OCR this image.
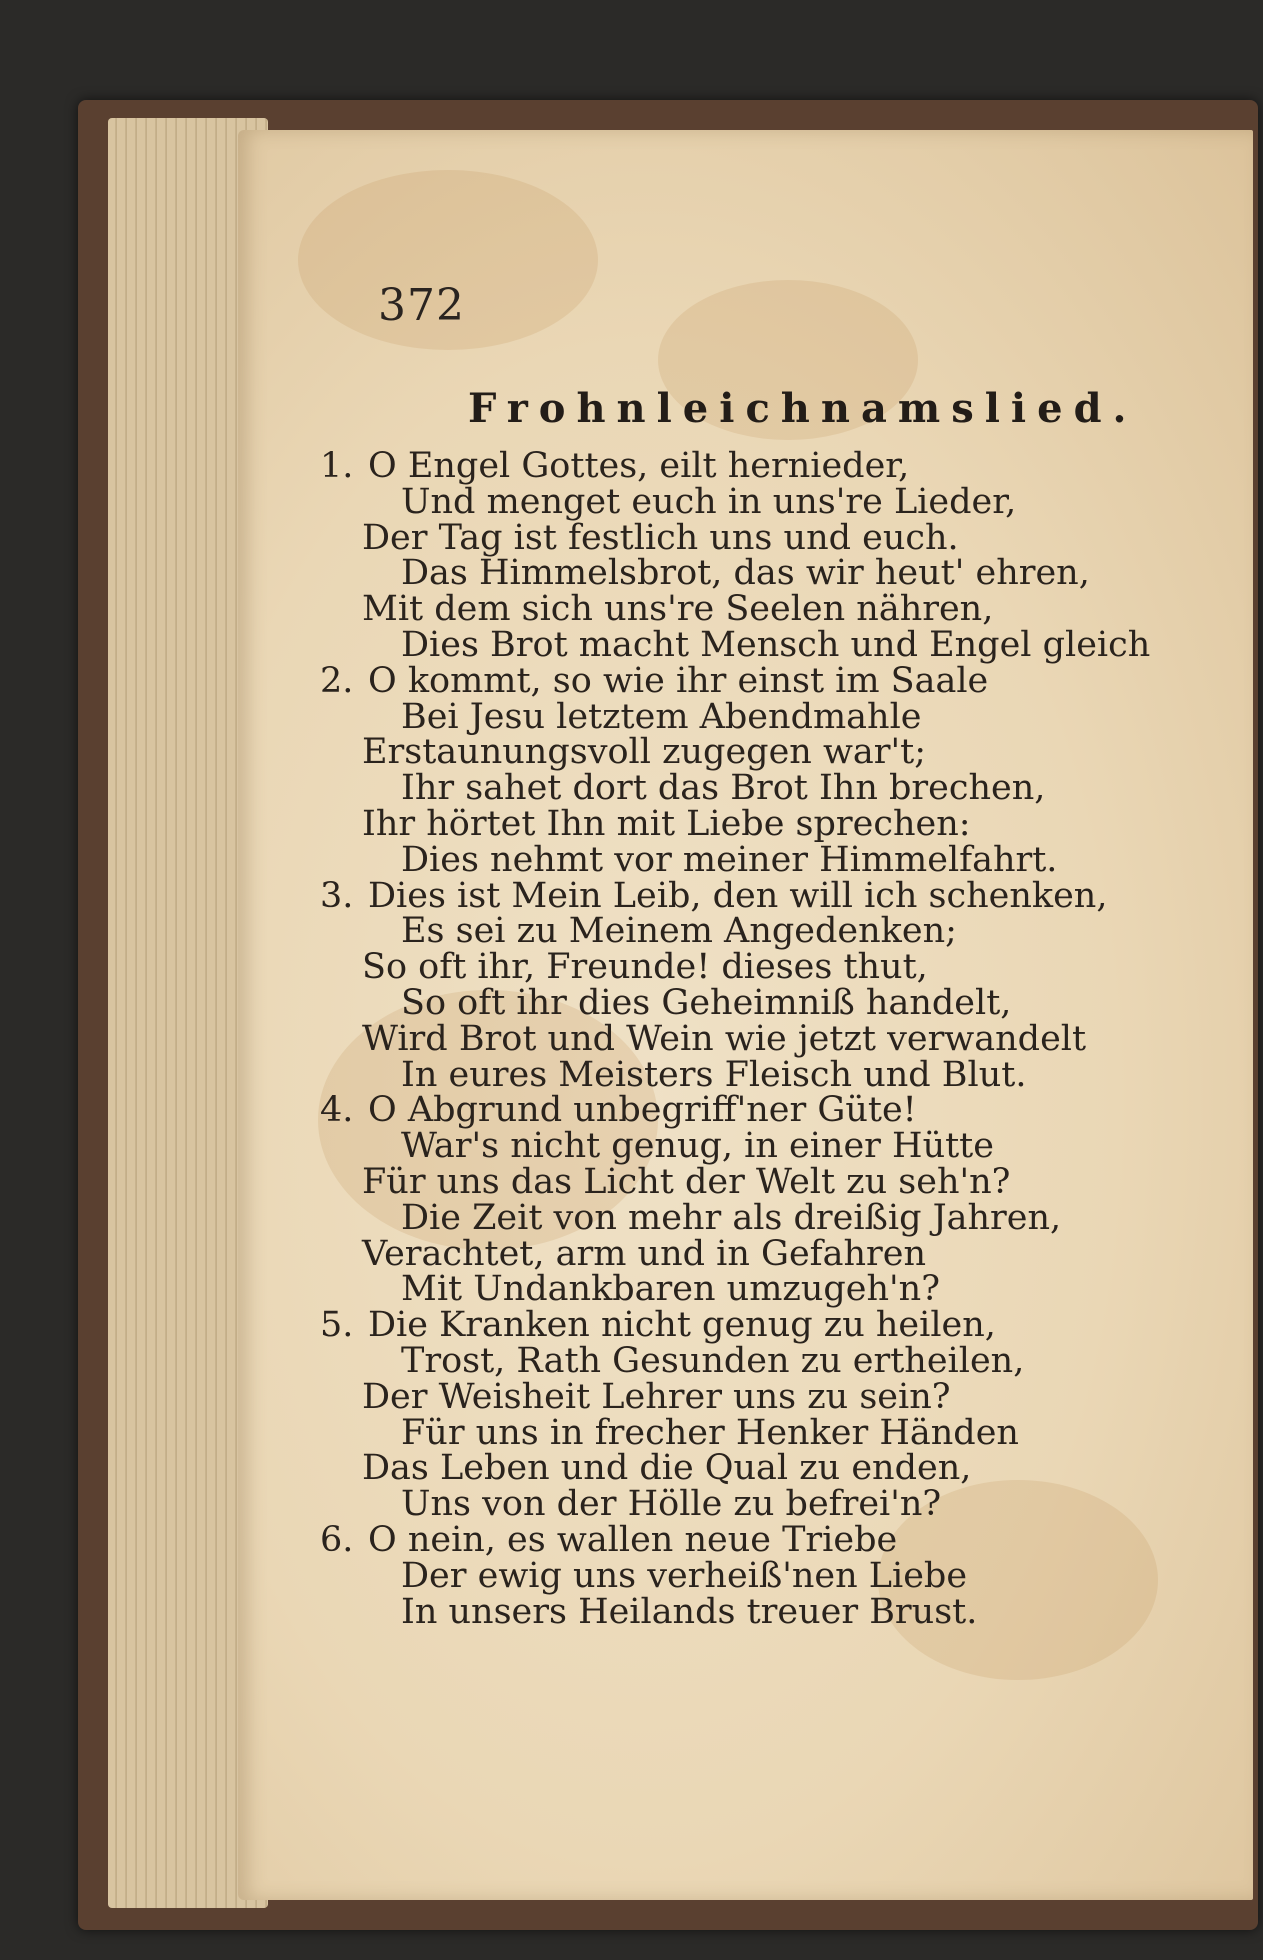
372
Frohnleichnamslied.
1. O Engel Gottes, eilt hernieder,
Und menget euch in uns're Lieder,
Der Tag ist festlich uns und euch.
Das Himmelsbrot, das wir heut' ehren,
Mit dem sich uns're Seelen nähren,
Dies Brot macht Mensch und Engel gleich
2. O kommt, so wie ihr einst im Saale
Bei Jesu letztem Abendmahle
Erstaunungsvoll zugegen war't;
Ihr sahet dort das Brot Ihn brechen,
Ihr hörtet Ihn mit Liebe sprechen:
Dies nehmt vor meiner Himmelfahrt.
3. Dies ist Mein Leib, den will ich schenken,
Es sei zu Meinem Angedenken;
So oft ihr, Freunde! dieses thut,
So oft ihr dies Geheimniß handelt,
Wird Brot und Wein wie jetzt verwandelt
In eures Meisters Fleisch und Blut.
4. O Abgrund unbegriff'ner Güte!
War's nicht genug, in einer Hütte
Für uns das Licht der Welt zu seh'n?
Die Zeit von mehr als dreißig Jahren,
Verachtet, arm und in Gefahren
Mit Undankbaren umzugeh'n?
5. Die Kranken nicht genug zu heilen,
Trost, Rath Gesunden zu ertheilen,
Der Weisheit Lehrer uns zu sein?
Für uns in frecher Henker Händen
Das Leben und die Qual zu enden,
Uns von der Hölle zu befrei'n?
6. O nein, es wallen neue Triebe
Der ewig uns verheiß'nen Liebe
In unsers Heilands treuer Brust.
